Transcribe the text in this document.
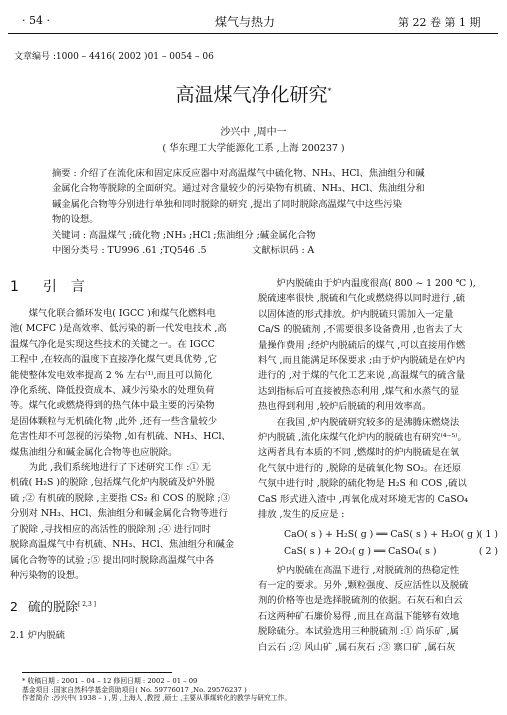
· 54 ·	煤气与热力	第 22 卷 第 1 期
文章编号 :1000 – 4416( 2002 )01 – 0054 – 06
高温煤气净化研究*
沙兴中 ,周中一
( 华东理工大学能源化工系 ,上海 200237 )
摘要 : 介绍了在流化床和固定床反应器中对高温煤气中硫化物、NH₃、HCl、焦油组分和碱
金属化合物等脱除的全面研究。通过对含量较少的污染物有机硫、NH₃、HCl、焦油组分和
碱金属化合物等分别进行单独和同时脱除的研究 ,提出了同时脱除高温煤气中这些污染
物的设想。
关键词 : 高温煤气 ;硫化物 ;NH₃ ;HCl ;焦油组分 ;碱金属化合物
中图分类号 : TU996 .61 ;TQ546 .5	文献标识码 : A
1 引言
煤气化联合循环发电( IGCC )和煤气化燃料电
池( MCFC )是高效率、低污染的新一代发电技术 ,高
温煤气净化是实现这些技术的关键之一。在 IGCC
工程中 ,在较高的温度下直接净化煤气更具优势 ,它
能使整体发电效率提高 2 % 左右⁽¹⁾,而且可以简化
净化系统、降低投资成本、减少污染水的处理负荷
等。煤气化或燃烧得到的热气体中最主要的污染物
是固体颗粒与无机硫化物 ,此外 ,还有一些含量较少
危害性却不可忽视的污染物 ,如有机硫、NH₃、HCl、
煤焦油组分和碱金属化合物等也应脱除。
为此 ,我们系统地进行了下述研究工作 :① 无
机硫( H₂S )的脱除 ,包括煤气化炉内脱硫及炉外脱
硫 ;② 有机硫的脱除 ,主要指 CS₂ 和 COS 的脱除 ;③
分别对 NH₃、HCl、焦油组分和碱金属化合物等进行
了脱除 ,寻找相应的高活性的脱除剂 ;④ 进行同时
脱除高温煤气中有机硫、NH₃、HCl、焦油组分和碱金
属化合物等的试验 ;⑤ 提出同时脱除高温煤气中各
种污染物的设想。
2 硫的脱除[ 2,3 ]
2.1 炉内脱硫
炉内脱硫由于炉内温度很高( 800 ~ 1 200 ℃ ),
脱硫速率很快 ,脱硫和气化或燃烧得以同时进行 ,硫
以固体渣的形式排放。炉内脱硫只需加入一定量
Ca/S 的脱硫剂 ,不需要很多设备费用 ,也省去了大
量操作费用 ;经炉内脱硫后的煤气 ,可以直接用作燃
料气 ,而且能满足环保要求 ;由于炉内脱硫是在炉内
进行的 ,对于煤的气化工艺来说 ,高温煤气的硫含量
达到指标后可直接被热态利用 ,煤气和水蒸气的显
热也得到利用 ,较炉后脱硫的利用效率高。
在我国 ,炉内脱硫研究较多的是沸腾床燃烧法
炉内脱硫 ,流化床煤气化炉内的脱硫也有研究⁽⁴⁻⁵⁾。
这两者具有本质的不同 ,燃煤时的炉内脱硫是在氧
化气氛中进行的 ,脱除的是硫氧化物 SO₂。在还原
气氛中进行时 ,脱除的硫化物是 H₂S 和 COS ,硫以
CaS 形式进入渣中 ,再氧化成对环境无害的 CaSO₄
排放 ,发生的反应是 :
CaO( s ) + H₂S( g ) ══ CaS( s ) + H₂O( g ) ( 1 )
CaS( s ) + 2O₂( g ) ══ CaSO₄( s )	( 2 )
炉内脱硫在高温下进行 ,对脱硫剂的热稳定性
有一定的要求。另外 ,颗粒强度、反应活性以及脱硫
剂的价格等也是选择脱硫剂的依据。石灰石和白云
石这两种矿石廉价易得 ,而且在高温下能够有效地
脱除硫分。本试验选用三种脱硫剂 :① 尚乐矿 ,属
白云石 ;② 风山矿 ,属石灰石 ;③ 寨口矿 ,属石灰
* 收稿日期 : 2001 – 04 – 12 修回日期 : 2002 – 01 – 09
基金项目 :国家自然科学基金资助项目( No. 59776017 ,No. 29576237 )
作者简介 :沙兴中( 1938 – ) ,男 ,上海人 ,教授 ,硕士 ,主要从事煤转化的教学与研究工作。
